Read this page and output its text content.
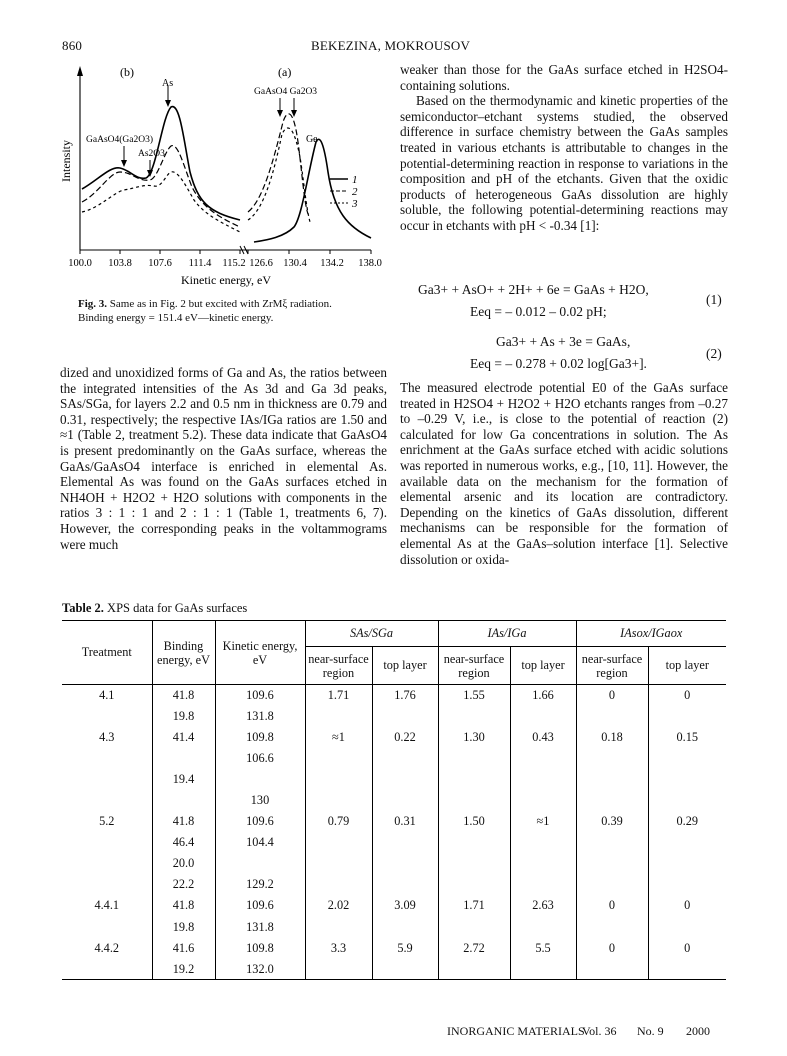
860	BEKEZINA, MOKROUSOV
Intensity
(b)
As
GaAsO4(Ga2O3)
As2O3
(a)
GaAsO4 Ga2O3
Ga
1
2
3
100.0 103.8 107.6 111.4 115.2 126.6 130.4 134.2 138.0
Kinetic energy, eV
Fig. 3. Same as in Fig. 2 but excited with ZrMξ radiation.
Binding energy = 151.4 eV—kinetic energy.

dized and unoxidized forms of Ga and As, the ratios between the integrated intensities of the As 3d and Ga 3d peaks, SAs/SGa, for layers 2.2 and 0.5 nm in thickness are 0.79 and 0.31, respectively; the respective IAs/IGa ratios are 1.50 and ≈1 (Table 2, treatment 5.2). These data indicate that GaAsO4 is present predominantly on the GaAs surface, whereas the GaAs/GaAsO4 interface is enriched in elemental As. Elemental As was found on the GaAs surfaces etched in NH4OH + H2O2 + H2O solutions with components in the ratios 3 : 1 : 1 and 2 : 1 : 1 (Table 1, treatments 6, 7). However, the corresponding peaks in the voltammograms were much

weaker than those for the GaAs surface etched in H2SO4-containing solutions.

Based on the thermodynamic and kinetic properties of the semiconductor–etchant systems studied, the observed difference in surface chemistry between the GaAs samples treated in various etchants is attributable to changes in the potential-determining reaction in response to variations in the composition and pH of the etchants. Given that the oxidic products of heterogeneous GaAs dissolution are highly soluble, the following potential-determining reactions may occur in etchants with pH < -0.34 [1]:

Ga3+ + AsO+ + 2H+ + 6e = GaAs + H2O,
Eeq = – 0.012 – 0.02 pH;
(1)
Ga3+ + As + 3e = GaAs,
Eeq = – 0.278 + 0.02 log[Ga3+].
(2)

The measured electrode potential E0 of the GaAs surface treated in H2SO4 + H2O2 + H2O etchants ranges from –0.27 to –0.29 V, i.e., is close to the potential of reaction (2) calculated for low Ga concentrations in solution. The As enrichment at the GaAs surface etched with acidic solutions was reported in numerous works, e.g., [10, 11]. However, the available data on the mechanism for the formation of elemental arsenic and its location are contradictory. Depending on the kinetics of GaAs dissolution, different mechanisms can be responsible for the formation of elemental As at the GaAs–solution interface [1]. Selective dissolution or oxida-

Table 2. XPS data for GaAs surfaces
Treatment	Binding energy, eV	Kinetic energy, eV	SAs/SGa		IAs/IGa		IAsox/IGaox	
			near-surface region	top layer	near-surface region	top layer	near-surface region	top layer
4.1	41.8	109.6	1.71	1.76	1.55	1.66	0	0
	19.8	131.8						
4.3	41.4	109.8	≈1	0.22	1.30	0.43	0.18	0.15
		106.6						
	19.4							
		130						
5.2	41.8	109.6	0.79	0.31	1.50	≈1	0.39	0.29
	46.4	104.4						
	20.0							
	22.2	129.2						
4.4.1	41.8	109.6	2.02	3.09	1.71	2.63	0	0
	19.8	131.8						
4.4.2	41.6	109.8	3.3	5.9	2.72	5.5	0	0
	19.2	132.0						
INORGANIC MATERIALS
Vol. 36 No. 9 2000
